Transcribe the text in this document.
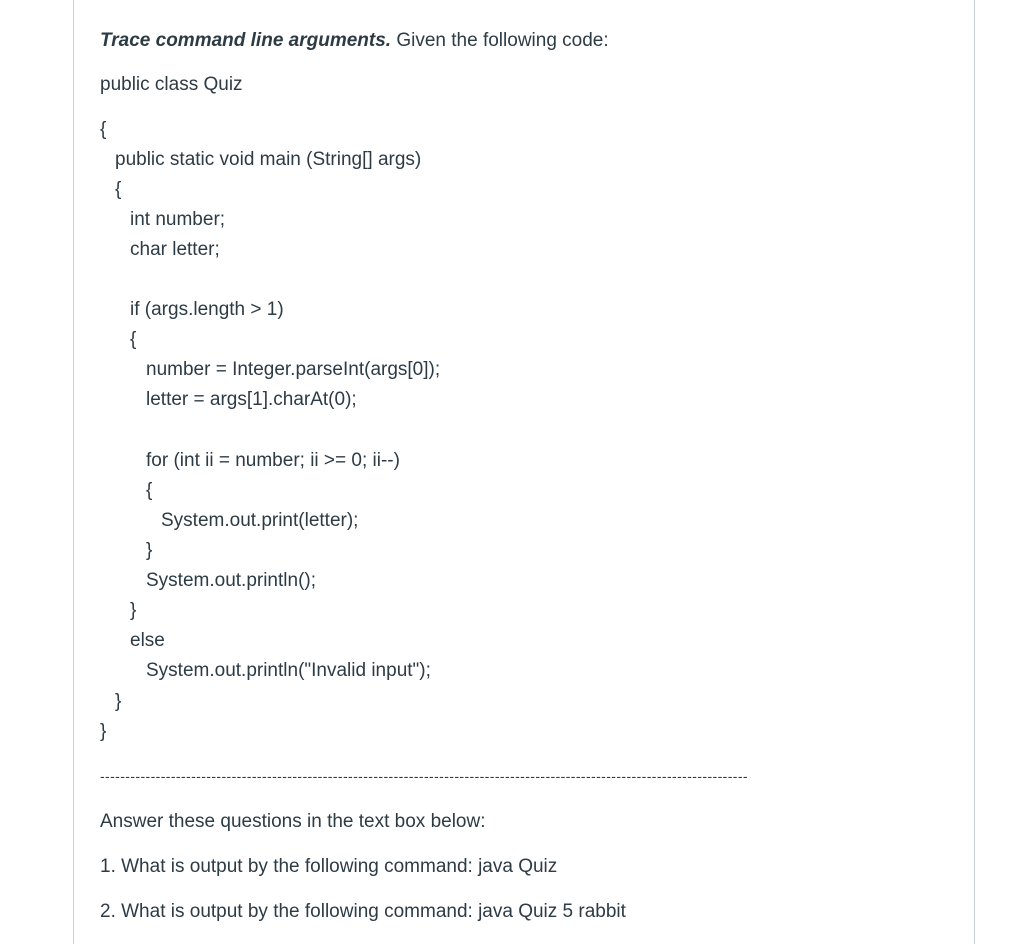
Trace command line arguments. Given the following code:
public class Quiz
{
public static void main (String[] args)
{
int number;
char letter;
if (args.length > 1)
{
number = Integer.parseInt(args[0]);
letter = args[1].charAt(0);
for (int ii = number; ii >= 0; ii--)
{
System.out.print(letter);
}
System.out.println();
}
else
System.out.println("Invalid input");
}
}
--------------------------------------------------------------------------------------------------------------------------------
Answer these questions in the text box below:
1. What is output by the following command: java Quiz
2. What is output by the following command: java Quiz 5 rabbit
